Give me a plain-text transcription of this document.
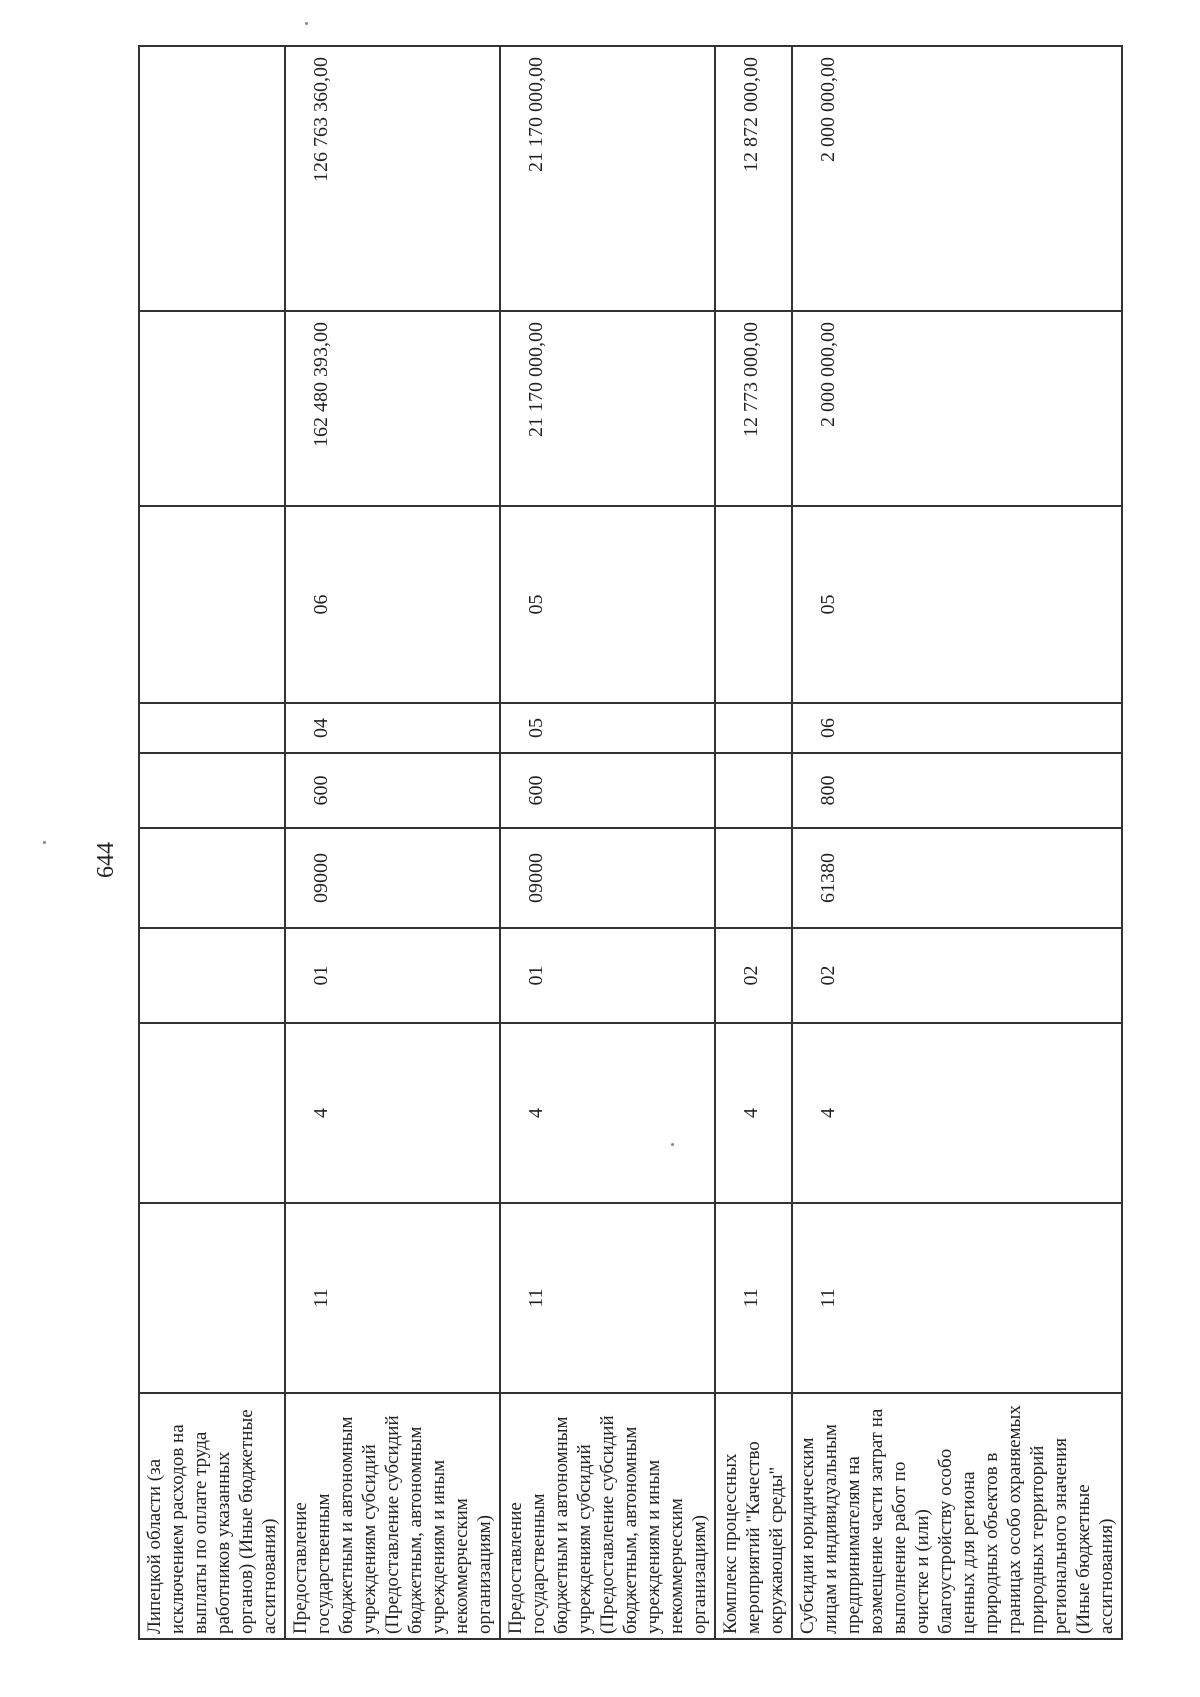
644
Липецкой области (за исключением расходов на выплаты по оплате труда работников указанных органов) (Иные бюджетные ассигнования)									
Предоставление государственным бюджетным и автономным учреждениям субсидий (Предоставление субсидий бюджетным, автономным учреждениям и иным некоммерческим организациям)	11	4	01	09000	600	04	06	162 480 393,00	126 763 360,00
Предоставление государственным бюджетным и автономным учреждениям субсидий (Предоставление субсидий бюджетным, автономным учреждениям и иным некоммерческим организациям)	11	4	01	09000	600	05	05	21 170 000,00	21 170 000,00
Комплекс процессных мероприятий "Качество окружающей среды"	11	4	02					12 773 000,00	12 872 000,00
Субсидии юридическим лицам и индивидуальным предпринимателям на возмещение части затрат на выполнение работ по очистке и (или) благоустройству особо ценных для региона природных объектов в границах особо охраняемых природных территорий регионального значения (Иные бюджетные ассигнования)	11	4	02	61380	800	06	05	2 000 000,00	2 000 000,00
